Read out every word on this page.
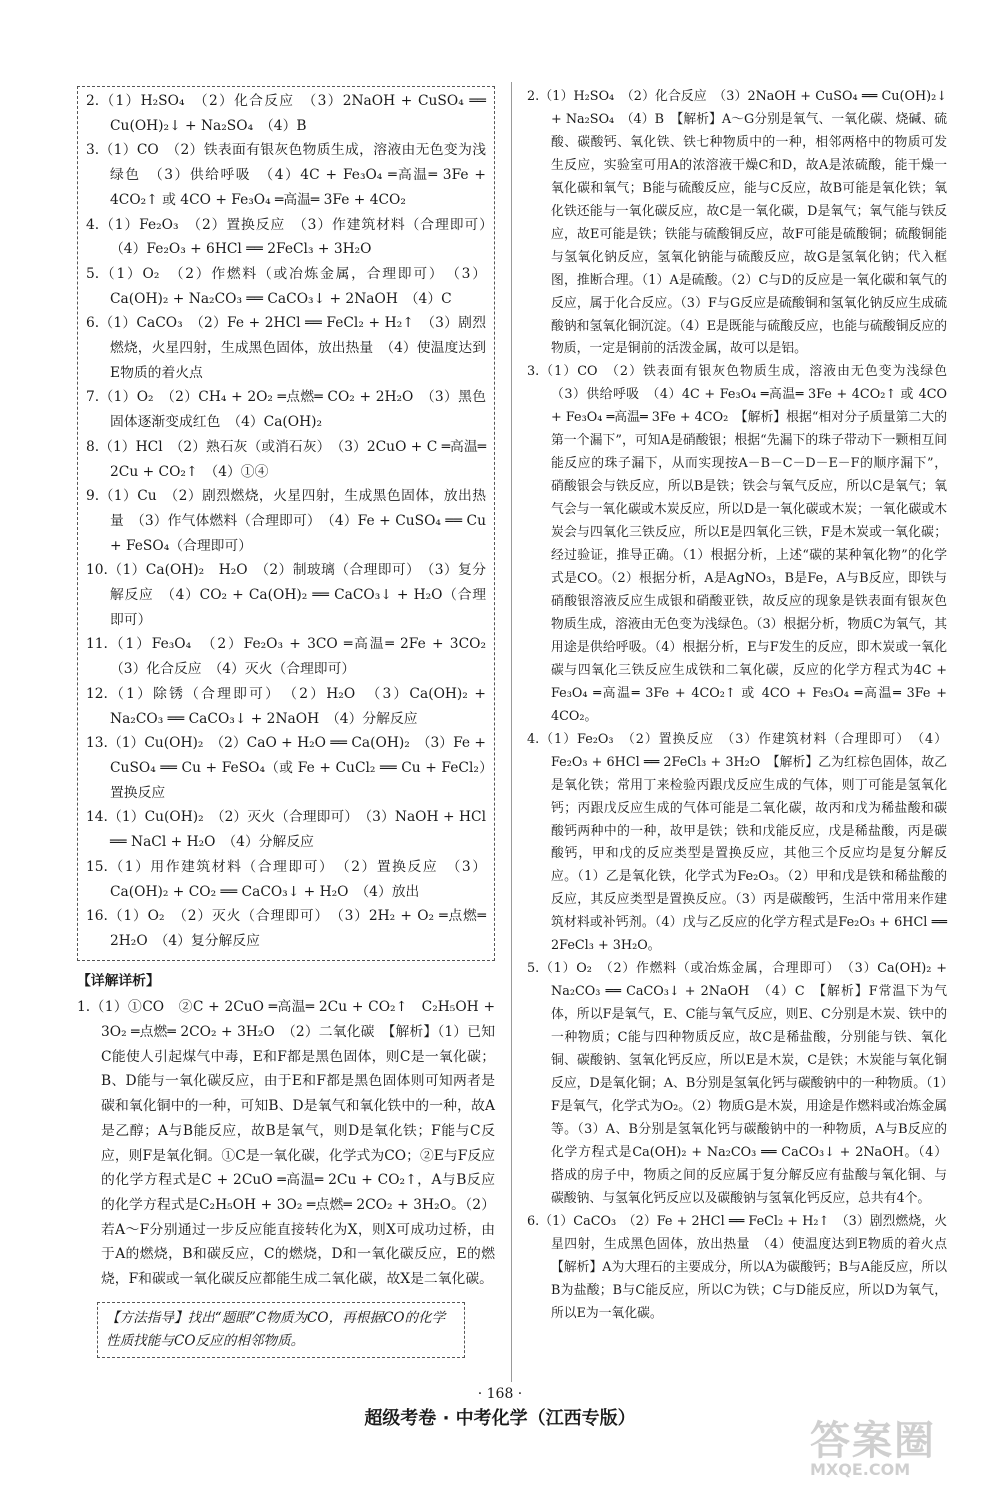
2.（1）H₂SO₄　（2）化合反应　（3）2NaOH + CuSO₄ ══ Cu(OH)₂↓ + Na₂SO₄　（4）B

3.（1）CO　（2）铁表面有银灰色物质生成，溶液由无色变为浅绿色　（3）供给呼吸　（4）4C + Fe₃O₄ ═高温═ 3Fe + 4CO₂↑ 或 4CO + Fe₃O₄ ═高温═ 3Fe + 4CO₂

4.（1）Fe₂O₃　（2）置换反应　（3）作建筑材料（合理即可）　（4）Fe₂O₃ + 6HCl ══ 2FeCl₃ + 3H₂O

5.（1）O₂　（2）作燃料（或冶炼金属，合理即可）　（3）Ca(OH)₂ + Na₂CO₃ ══ CaCO₃↓ + 2NaOH　（4）C

6.（1）CaCO₃　（2）Fe + 2HCl ══ FeCl₂ + H₂↑　（3）剧烈燃烧，火星四射，生成黑色固体，放出热量　（4）使温度达到E物质的着火点

7.（1）O₂　（2）CH₄ + 2O₂ ═点燃═ CO₂ + 2H₂O　（3）黑色固体逐渐变成红色　（4）Ca(OH)₂

8.（1）HCl　（2）熟石灰（或消石灰）　（3）2CuO + C ═高温═ 2Cu + CO₂↑　（4）①④

9.（1）Cu　（2）剧烈燃烧，火星四射，生成黑色固体，放出热量　（3）作气体燃料（合理即可）　（4）Fe + CuSO₄ ══ Cu + FeSO₄（合理即可）

10.（1）Ca(OH)₂　H₂O　（2）制玻璃（合理即可）　（3）复分解反应　（4）CO₂ + Ca(OH)₂ ══ CaCO₃↓ + H₂O（合理即可）

11.（1）Fe₃O₄　（2）Fe₂O₃ + 3CO ═高温═ 2Fe + 3CO₂　（3）化合反应　（4）灭火（合理即可）

12.（1）除锈（合理即可）　（2）H₂O　（3）Ca(OH)₂ + Na₂CO₃ ══ CaCO₃↓ + 2NaOH　（4）分解反应

13.（1）Cu(OH)₂　（2）CaO + H₂O ══ Ca(OH)₂　（3）Fe + CuSO₄ ══ Cu + FeSO₄（或 Fe + CuCl₂ ══ Cu + FeCl₂）　置换反应

14.（1）Cu(OH)₂　（2）灭火（合理即可）　（3）NaOH + HCl ══ NaCl + H₂O　（4）分解反应

15.（1）用作建筑材料（合理即可）　（2）置换反应　（3）Ca(OH)₂ + CO₂ ══ CaCO₃↓ + H₂O　（4）放出

16.（1）O₂　（2）灭火（合理即可）　（3）2H₂ + O₂ ═点燃═ 2H₂O　（4）复分解反应

【详解详析】

1.（1）①CO　②C + 2CuO ═高温═ 2Cu + CO₂↑　C₂H₅OH + 3O₂ ═点燃═ 2CO₂ + 3H₂O　（2）二氧化碳　【解析】（1）已知C能使人引起煤气中毒，E和F都是黑色固体，则C是一氧化碳；B、D能与一氧化碳反应，由于E和F都是黑色固体则可知两者是碳和氧化铜中的一种，可知B、D是氧气和氧化铁中的一种，故A是乙醇；A与B能反应，故B是氧气，则D是氧化铁；F能与C反应，则F是氧化铜。①C是一氧化碳，化学式为CO；②E与F反应的化学方程式是C + 2CuO ═高温═ 2Cu + CO₂↑，A与B反应的化学方程式是C₂H₅OH + 3O₂ ═点燃═ 2CO₂ + 3H₂O。（2）若A～F分别通过一步反应能直接转化为X，则X可成功过桥，由于A的燃烧，B和碳反应，C的燃烧，D和一氧化碳反应，E的燃烧，F和碳或一氧化碳反应都能生成二氧化碳，故X是二氧化碳。

【方法指导】找出“题眼”C物质为CO，再根据CO的化学性质找能与CO反应的相邻物质。

2.（1）H₂SO₄　（2）化合反应　（3）2NaOH + CuSO₄ ══ Cu(OH)₂↓ + Na₂SO₄　（4）B　【解析】A～G分别是氧气、一氧化碳、烧碱、硫酸、碳酸钙、氧化铁、铁七种物质中的一种，相邻两格中的物质可发生反应，实验室可用A的浓溶液干燥C和D，故A是浓硫酸，能干燥一氧化碳和氧气；B能与硫酸反应，能与C反应，故B可能是氧化铁；氧化铁还能与一氧化碳反应，故C是一氧化碳，D是氧气；氧气能与铁反应，故E可能是铁；铁能与硫酸铜反应，故F可能是硫酸铜；硫酸铜能与氢氧化钠反应，氢氧化钠能与硫酸反应，故G是氢氧化钠；代入框图，推断合理。（1）A是硫酸。（2）C与D的反应是一氧化碳和氧气的反应，属于化合反应。（3）F与G反应是硫酸铜和氢氧化钠反应生成硫酸钠和氢氧化铜沉淀。（4）E是既能与硫酸反应，也能与硫酸铜反应的物质，一定是铜前的活泼金属，故可以是铝。

3.（1）CO　（2）铁表面有银灰色物质生成，溶液由无色变为浅绿色　（3）供给呼吸　（4）4C + Fe₃O₄ ═高温═ 3Fe + 4CO₂↑ 或 4CO + Fe₃O₄ ═高温═ 3Fe + 4CO₂　【解析】根据“相对分子质量第二大的第一个漏下”，可知A是硝酸银；根据“先漏下的珠子带动下一颗相互间能反应的珠子漏下，从而实现按A－B－C－D－E－F的顺序漏下”，硝酸银会与铁反应，所以B是铁；铁会与氧气反应，所以C是氧气；氧气会与一氧化碳或木炭反应，所以D是一氧化碳或木炭；一氧化碳或木炭会与四氧化三铁反应，所以E是四氧化三铁，F是木炭或一氧化碳；经过验证，推导正确。（1）根据分析，上述“碳的某种氧化物”的化学式是CO。（2）根据分析，A是AgNO₃，B是Fe，A与B反应，即铁与硝酸银溶液反应生成银和硝酸亚铁，故反应的现象是铁表面有银灰色物质生成，溶液由无色变为浅绿色。（3）根据分析，物质C为氧气，其用途是供给呼吸。（4）根据分析，E与F发生的反应，即木炭或一氧化碳与四氧化三铁反应生成铁和二氧化碳，反应的化学方程式为4C + Fe₃O₄ ═高温═ 3Fe + 4CO₂↑ 或 4CO + Fe₃O₄ ═高温═ 3Fe + 4CO₂。

4.（1）Fe₂O₃　（2）置换反应　（3）作建筑材料（合理即可）　（4）Fe₂O₃ + 6HCl ══ 2FeCl₃ + 3H₂O　【解析】乙为红棕色固体，故乙是氧化铁；常用丁来检验丙跟戊反应生成的气体，则丁可能是氢氧化钙；丙跟戊反应生成的气体可能是二氧化碳，故丙和戊为稀盐酸和碳酸钙两种中的一种，故甲是铁；铁和戊能反应，戊是稀盐酸，丙是碳酸钙，甲和戊的反应类型是置换反应，其他三个反应均是复分解反应。（1）乙是氧化铁，化学式为Fe₂O₃。（2）甲和戊是铁和稀盐酸的反应，其反应类型是置换反应。（3）丙是碳酸钙，生活中常用来作建筑材料或补钙剂。（4）戊与乙反应的化学方程式是Fe₂O₃ + 6HCl ══ 2FeCl₃ + 3H₂O。

5.（1）O₂　（2）作燃料（或冶炼金属，合理即可）　（3）Ca(OH)₂ + Na₂CO₃ ══ CaCO₃↓ + 2NaOH　（4）C　【解析】F常温下为气体，所以F是氧气，E、C能与氧气反应，则E、C分别是木炭、铁中的一种物质；C能与四种物质反应，故C是稀盐酸，分别能与铁、氧化铜、碳酸钠、氢氧化钙反应，所以E是木炭，C是铁；木炭能与氧化铜反应，D是氧化铜；A、B分别是氢氧化钙与碳酸钠中的一种物质。（1）F是氧气，化学式为O₂。（2）物质G是木炭，用途是作燃料或冶炼金属等。（3）A、B分别是氢氧化钙与碳酸钠中的一种物质，A与B反应的化学方程式是Ca(OH)₂ + Na₂CO₃ ══ CaCO₃↓ + 2NaOH。（4）搭成的房子中，物质之间的反应属于复分解反应有盐酸与氧化铜、与碳酸钠、与氢氧化钙反应以及碳酸钠与氢氧化钙反应，总共有4个。

6.（1）CaCO₃　（2）Fe + 2HCl ══ FeCl₂ + H₂↑　（3）剧烈燃烧，火星四射，生成黑色固体，放出热量　（4）使温度达到E物质的着火点　【解析】A为大理石的主要成分，所以A为碳酸钙；B与A能反应，所以B为盐酸；B与C能反应，所以C为铁；C与D能反应，所以D为氧气，所以E为一氧化碳。

· 168 ·
超级考卷 · 中考化学（江西专版）	答案圈
MXQE.COM
